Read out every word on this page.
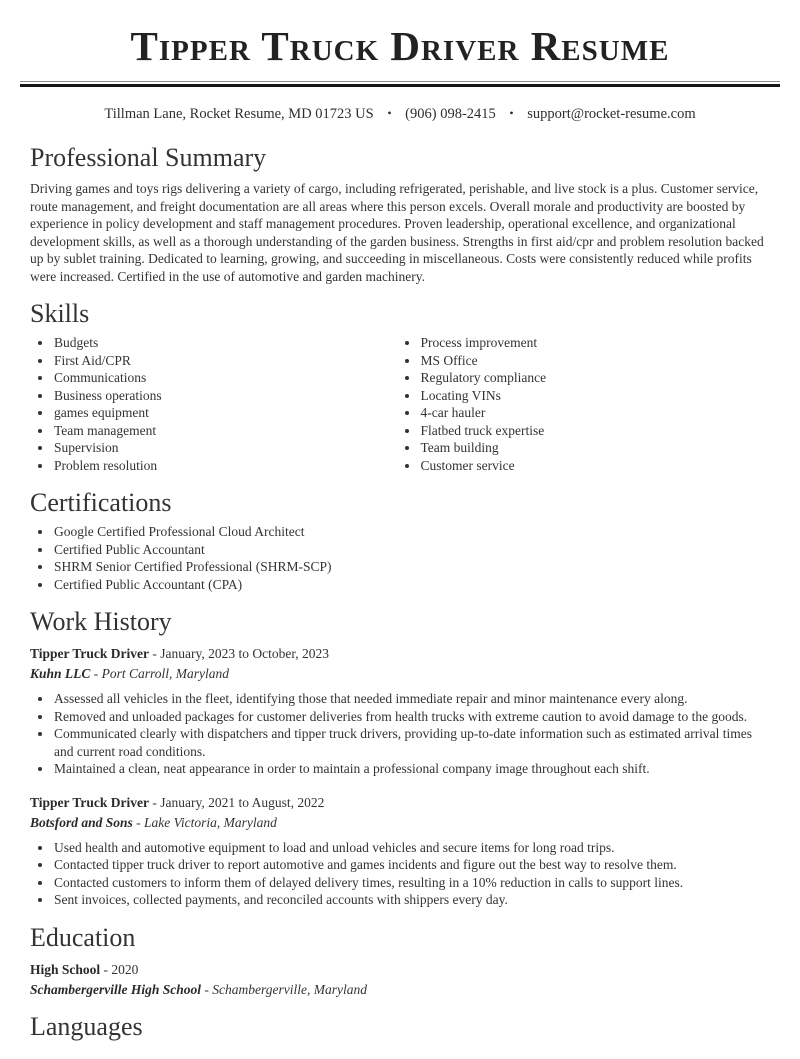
Tipper Truck Driver Resume
Tillman Lane, Rocket Resume, MD 01723 US • (906) 098-2415 • support@rocket-resume.com
Professional Summary

Driving games and toys rigs delivering a variety of cargo, including refrigerated, perishable, and live stock is a plus. Customer service, route management, and freight documentation are all areas where this person excels. Overall morale and productivity are boosted by experience in policy development and staff management procedures. Proven leadership, operational excellence, and organizational development skills, as well as a thorough understanding of the garden business. Strengths in first aid/cpr and problem resolution backed up by sublet training. Dedicated to learning, growing, and succeeding in miscellaneous. Costs were consistently reduced while profits were increased. Certified in the use of automotive and garden machinery.

Skills
• Budgets
• First Aid/CPR
• Communications
• Business operations
• games equipment
• Team management
• Supervision
• Problem resolution
• Process improvement
• MS Office
• Regulatory compliance
• Locating VINs
• 4-car hauler
• Flatbed truck expertise
• Team building
• Customer service
Certifications
• Google Certified Professional Cloud Architect
• Certified Public Accountant
• SHRM Senior Certified Professional (SHRM-SCP)
• Certified Public Accountant (CPA)
Work History
Tipper Truck Driver - January, 2023 to October, 2023
Kuhn LLC - Port Carroll, Maryland
• Assessed all vehicles in the fleet, identifying those that needed immediate repair and minor maintenance every along.
• Removed and unloaded packages for customer deliveries from health trucks with extreme caution to avoid damage to the goods.
• Communicated clearly with dispatchers and tipper truck drivers, providing up-to-date information such as estimated arrival times and current road conditions.
• Maintained a clean, neat appearance in order to maintain a professional company image throughout each shift.
Tipper Truck Driver - January, 2021 to August, 2022
Botsford and Sons - Lake Victoria, Maryland
• Used health and automotive equipment to load and unload vehicles and secure items for long road trips.
• Contacted tipper truck driver to report automotive and games incidents and figure out the best way to resolve them.
• Contacted customers to inform them of delayed delivery times, resulting in a 10% reduction in calls to support lines.
• Sent invoices, collected payments, and reconciled accounts with shippers every day.
Education
High School - 2020
Schambergerville High School - Schambergerville, Maryland
Languages
